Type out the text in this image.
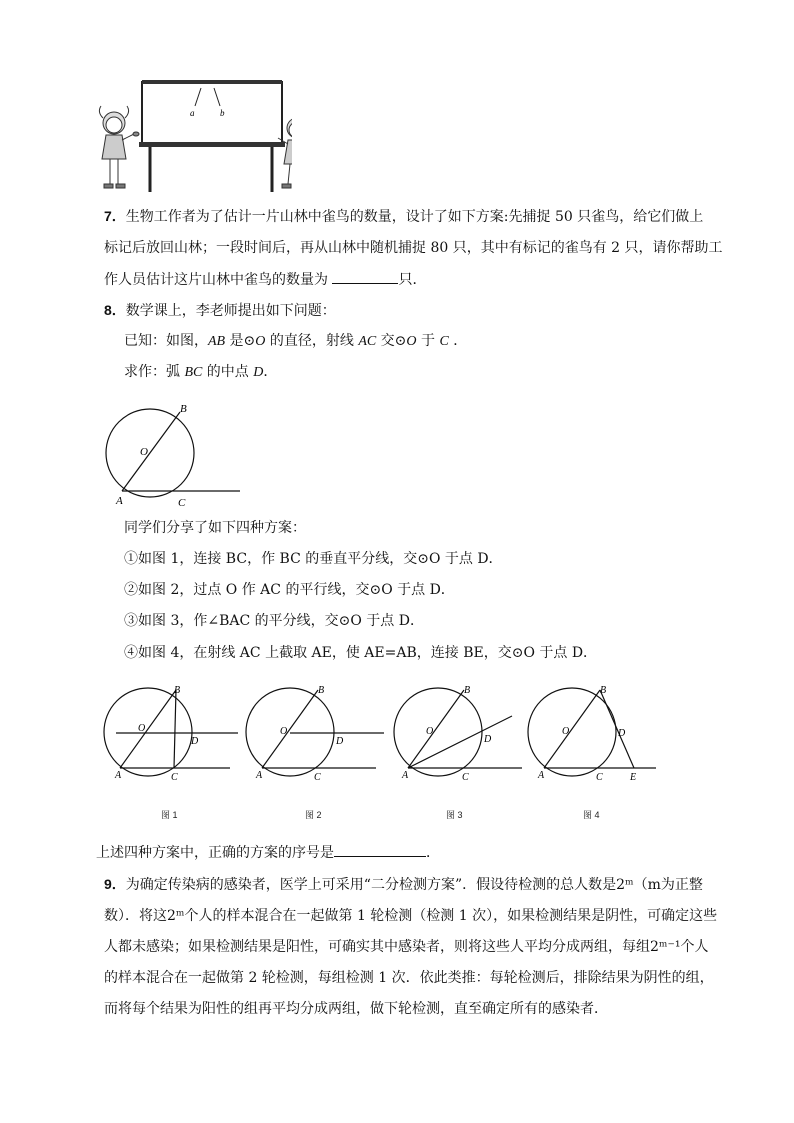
a	b
7．生物工作者为了估计一片山林中雀鸟的数量，设计了如下方案:先捕捉 50 只雀鸟，给它们做上
标记后放回山林；一段时间后，再从山林中随机捕捉 80 只，其中有标记的雀鸟有 2 只，请你帮助工
作人员估计这片山林中雀鸟的数量为	只．
8．数学课上，李老师提出如下问题：
已知：如图，AB 是⊙O 的直径，射线 AC 交⊙O 于 C ．
求作：弧 BC 的中点 D．
B
O
A	C
同学们分享了如下四种方案：
①如图 1，连接 BC，作 BC 的垂直平分线，交⊙O 于点 D．
②如图 2，过点 O 作 AC 的平行线，交⊙O 于点 D．
③如图 3，作∠BAC 的平分线，交⊙O 于点 D．
④如图 4，在射线 AC 上截取 AE，使 AE=AB，连接 BE，交⊙O 于点 D．
B
O
D
A	C
B
O
D
A	C
B
O
D
A	C
B
O	D
A	C	E
图 1	图 2	图 3	图 4
上述四种方案中，正确的方案的序号是	．
9．为确定传染病的感染者，医学上可采用“二分检测方案”．假设待检测的总人数是2ᵐ（m为正整
数）．将这2ᵐ个人的样本混合在一起做第 1 轮检测（检测 1 次），如果检测结果是阴性，可确定这些
人都未感染；如果检测结果是阳性，可确实其中感染者，则将这些人平均分成两组，每组2ᵐ⁻¹个人
的样本混合在一起做第 2 轮检测，每组检测 1 次．依此类推：每轮检测后，排除结果为阴性的组，
而将每个结果为阳性的组再平均分成两组，做下轮检测，直至确定所有的感染者．
